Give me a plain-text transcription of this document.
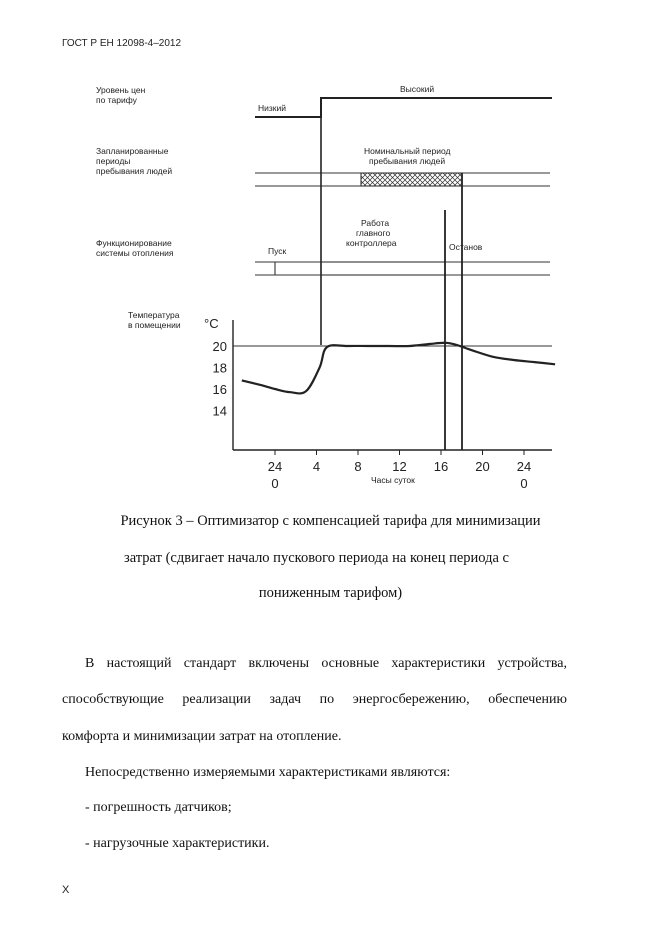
ГОСТ Р ЕН 12098-4–2012
Уровень цен
по тарифу
Запланированные
периоды
пребывания людей
Функционирование
системы отопления
Температура
в помещении
Низкий
Высокий
Номинальный период
пребывания людей
Пуск
Работа
главного
контроллера	Останов
°C
20
18
16
14
24
0
4	8 12 16 20 24
0
Часы суток
Рисунок 3 – Оптимизатор с компенсацией тарифа для минимизации
затрат (сдвигает начало пускового периода на конец периода с
пониженным тарифом)
В настоящий стандарт включены основные характеристики устройства,
способствующие реализации задач по энергосбережению, обеспечению
комфорта и минимизации затрат на отопление.
Непосредственно измеряемыми характеристиками являются:
- погрешность датчиков;
- нагрузочные характеристики.
X
